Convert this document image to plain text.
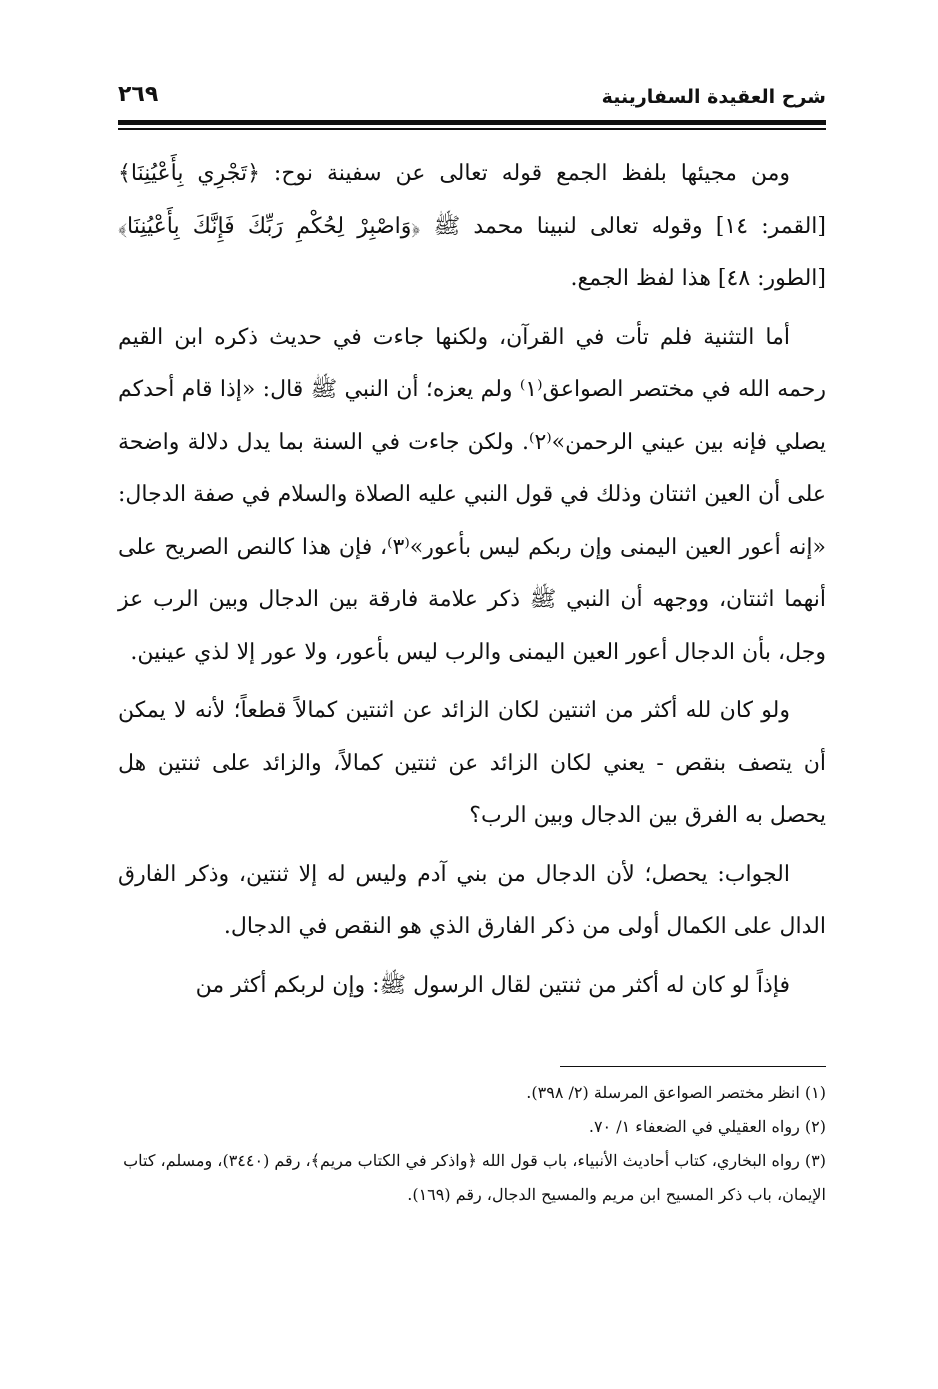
شرح العقيدة السفارينية
٢٦٩

ومن مجيئها بلفظ الجمع قوله تعالى عن سفينة نوح: ﴿تَجْرِي بِأَعْيُنِنَا﴾ [القمر: ١٤] وقوله تعالى لنبينا محمد ﷺ ﴿وَاصْبِرْ لِحُكْمِ رَبِّكَ فَإِنَّكَ بِأَعْيُنِنَا﴾ [الطور: ٤٨] هذا لفظ الجمع.

أما التثنية فلم تأت في القرآن، ولكنها جاءت في حديث ذكره ابن القيم رحمه الله في مختصر الصواعق⁽١⁾ ولم يعزه؛ أن النبي ﷺ قال: «إذا قام أحدكم يصلي فإنه بين عيني الرحمن»⁽٢⁾. ولكن جاءت في السنة بما يدل دلالة واضحة على أن العين اثنتان وذلك في قول النبي عليه الصلاة والسلام في صفة الدجال: «إنه أعور العين اليمنى وإن ربكم ليس بأعور»⁽٣⁾، فإن هذا كالنص الصريح على أنهما اثنتان، ووجهه أن النبي ﷺ ذكر علامة فارقة بين الدجال وبين الرب عز وجل، بأن الدجال أعور العين اليمنى والرب ليس بأعور، ولا عور إلا لذي عينين.

ولو كان لله أكثر من اثنتين لكان الزائد عن اثنتين كمالاً قطعاً؛ لأنه لا يمكن أن يتصف بنقص - يعني لكان الزائد عن ثنتين كمالاً، والزائد على ثنتين هل يحصل به الفرق بين الدجال وبين الرب؟

الجواب: يحصل؛ لأن الدجال من بني آدم وليس له إلا ثنتين، وذكر الفارق الدال على الكمال أولى من ذكر الفارق الذي هو النقص في الدجال.

فإذاً لو كان له أكثر من ثنتين لقال الرسول ﷺ: وإن لربكم أكثر من

(١) انظر مختصر الصواعق المرسلة (٢/ ٣٩٨).
(٢) رواه العقيلي في الضعفاء ١/ ٧٠.
(٣) رواه البخاري، كتاب أحاديث الأنبياء، باب قول الله ﴿واذكر في الكتاب مريم﴾، رقم (٣٤٤٠)، ومسلم، كتاب الإيمان، باب ذكر المسيح ابن مريم والمسيح الدجال، رقم (١٦٩).
